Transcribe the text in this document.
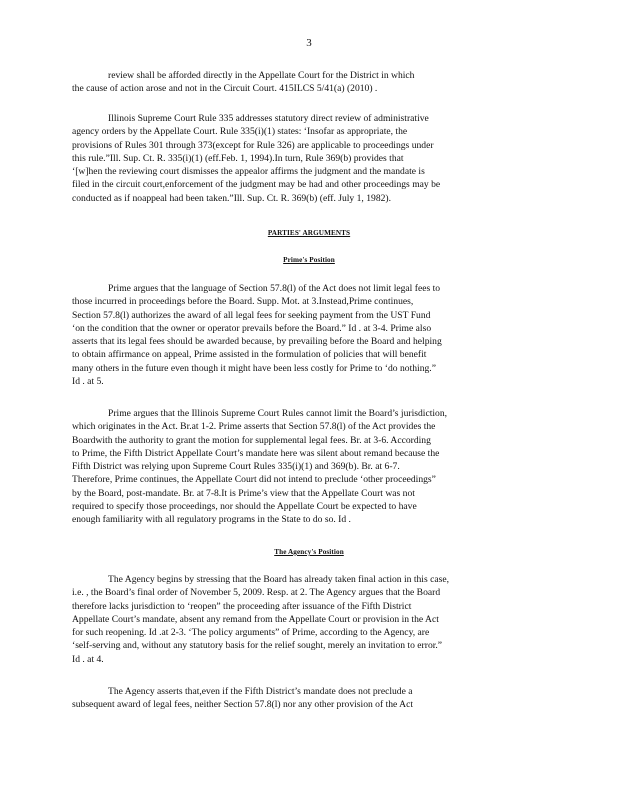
3

review shall be afforded directly in the Appellate Court for the District in which
the cause of action arose and not in the Circuit Court. 415ILCS 5/41(a) (2010) .

Illinois Supreme Court Rule 335 addresses statutory direct review of administrative
agency orders by the Appellate Court. Rule 335(i)(1) states: ‘Insofar as appropriate, the
provisions of Rules 301 through 373(except for Rule 326) are applicable to proceedings under
this rule.”Ill. Sup. Ct. R. 335(i)(1) (eff.Feb. 1, 1994).In turn, Rule 369(b) provides that
‘[w]hen the reviewing court dismisses the appealor affirms the judgment and the mandate is
filed in the circuit court,enforcement of the judgment may be had and other proceedings may be
conducted as if noappeal had been taken.”Ill. Sup. Ct. R. 369(b) (eff. July 1, 1982).

PARTIES' ARGUMENTS
Prime's Position

Prime argues that the language of Section 57.8(l) of the Act does not limit legal fees to
those incurred in proceedings before the Board. Supp. Mot. at 3.Instead,Prime continues,
Section 57.8(l) authorizes the award of all legal fees for seeking payment from the UST Fund
‘on the condition that the owner or operator prevails before the Board.” Id . at 3-4. Prime also
asserts that its legal fees should be awarded because, by prevailing before the Board and helping
to obtain affirmance on appeal, Prime assisted in the formulation of policies that will benefit
many others in the future even though it might have been less costly for Prime to ‘do nothing.”
Id . at 5.

Prime argues that the Illinois Supreme Court Rules cannot limit the Board’s jurisdiction,
which originates in the Act. Br.at 1-2. Prime asserts that Section 57.8(l) of the Act provides the
Boardwith the authority to grant the motion for supplemental legal fees. Br. at 3-6. According
to Prime, the Fifth District Appellate Court’s mandate here was silent about remand because the
Fifth District was relying upon Supreme Court Rules 335(i)(1) and 369(b). Br. at 6-7.
Therefore, Prime continues, the Appellate Court did not intend to preclude ‘other proceedings”
by the Board, post-mandate. Br. at 7-8.It is Prime’s view that the Appellate Court was not
required to specify those proceedings, nor should the Appellate Court be expected to have
enough familiarity with all regulatory programs in the State to do so. Id .

The Agency's Position

The Agency begins by stressing that the Board has already taken final action in this case,
i.e. , the Board’s final order of November 5, 2009. Resp. at 2. The Agency argues that the Board
therefore lacks jurisdiction to ‘reopen” the proceeding after issuance of the Fifth District
Appellate Court’s mandate, absent any remand from the Appellate Court or provision in the Act
for such reopening. Id .at 2-3. ‘The policy arguments” of Prime, according to the Agency, are
‘self-serving and, without any statutory basis for the relief sought, merely an invitation to error.”
Id . at 4.

The Agency asserts that,even if the Fifth District’s mandate does not preclude a
subsequent award of legal fees, neither Section 57.8(l) nor any other provision of the Act
